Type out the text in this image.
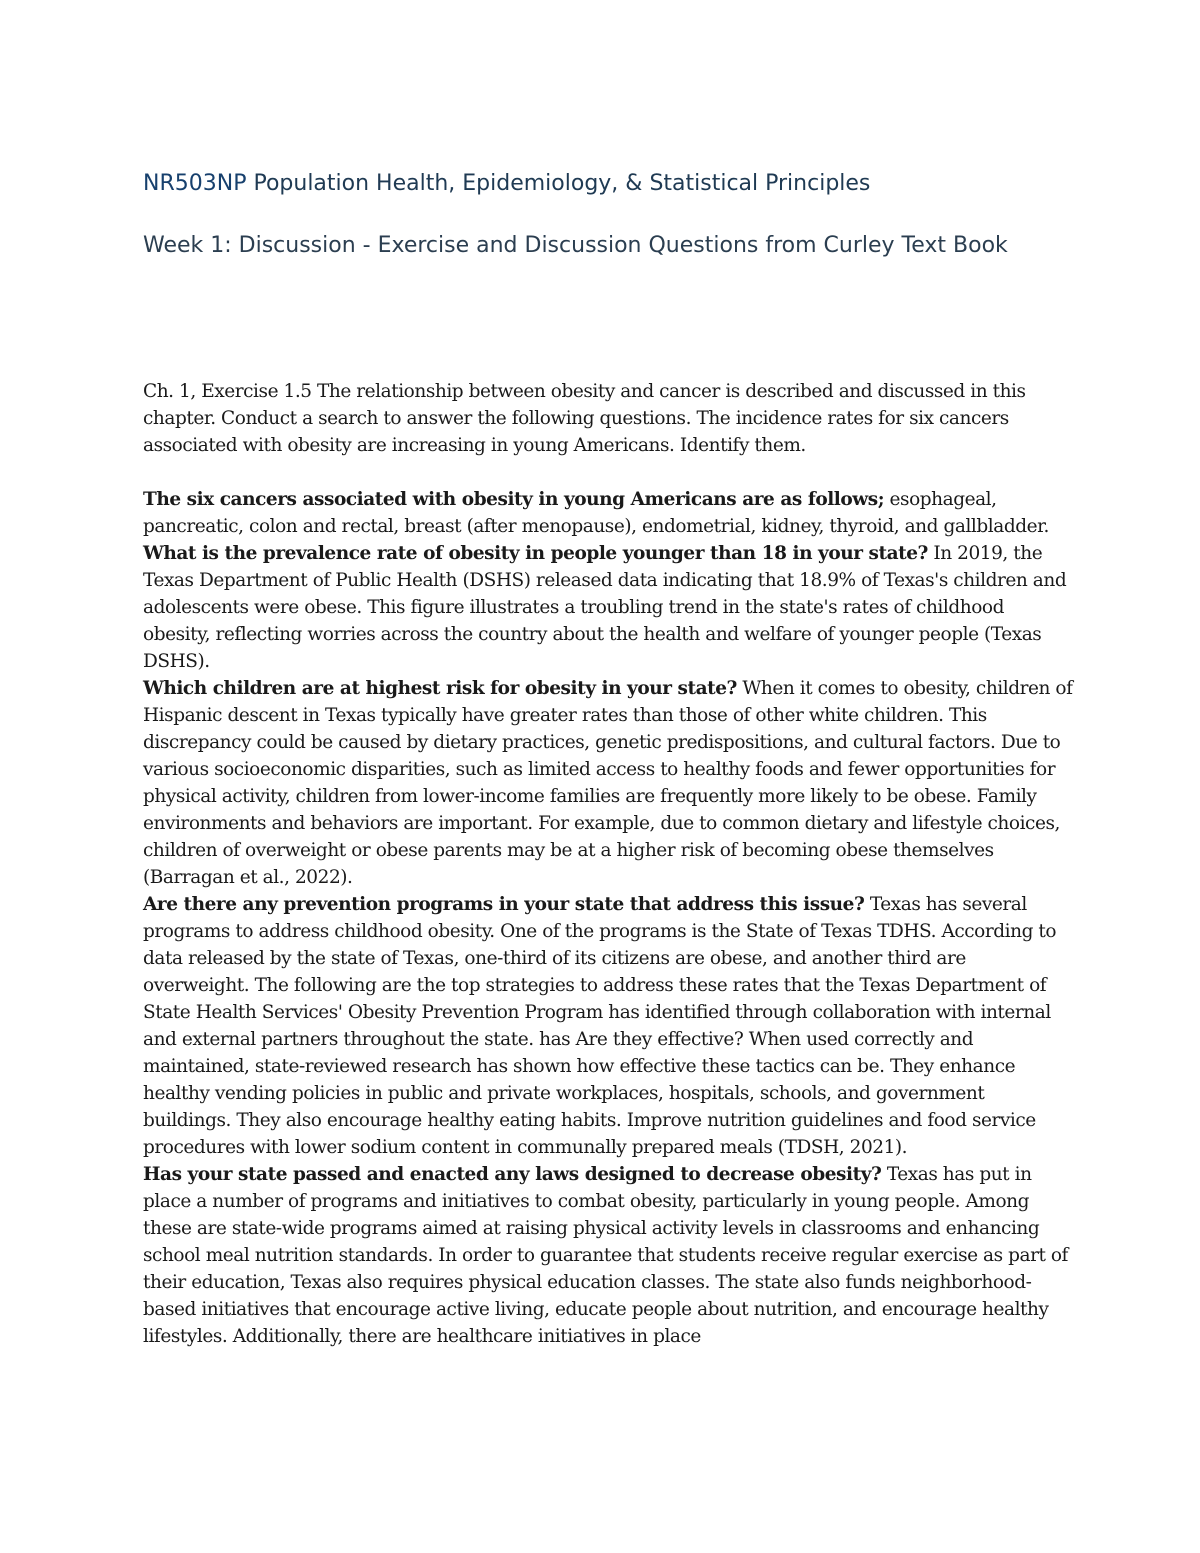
NR503NP Population Health, Epidemiology, & Statistical Principles
Week 1: Discussion - Exercise and Discussion Questions from Curley Text Book

Ch. 1, Exercise 1.5 The relationship between obesity and cancer is described and discussed in this chapter. Conduct a search to answer the following questions. The incidence rates for six cancers associated with obesity are increasing in young Americans. Identify them.

The six cancers associated with obesity in young Americans are as follows; esophageal, pancreatic, colon and rectal, breast (after menopause), endometrial, kidney, thyroid, and gallbladder.

What is the prevalence rate of obesity in people younger than 18 in your state? In 2019, the Texas Department of Public Health (DSHS) released data indicating that 18.9% of Texas's children and adolescents were obese. This figure illustrates a troubling trend in the state's rates of childhood obesity, reflecting worries across the country about the health and welfare of younger people (Texas DSHS).

Which children are at highest risk for obesity in your state? When it comes to obesity, children of Hispanic descent in Texas typically have greater rates than those of other white children. This discrepancy could be caused by dietary practices, genetic predispositions, and cultural factors. Due to various socioeconomic disparities, such as limited access to healthy foods and fewer opportunities for physical activity, children from lower-income families are frequently more likely to be obese. Family environments and behaviors are important. For example, due to common dietary and lifestyle choices, children of overweight or obese parents may be at a higher risk of becoming obese themselves (Barragan et al., 2022).

Are there any prevention programs in your state that address this issue? Texas has several programs to address childhood obesity. One of the programs is the State of Texas TDHS. According to data released by the state of Texas, one-third of its citizens are obese, and another third are overweight. The following are the top strategies to address these rates that the Texas Department of State Health Services' Obesity Prevention Program has identified through collaboration with internal and external partners throughout the state. has Are they effective? When used correctly and maintained, state-reviewed research has shown how effective these tactics can be. They enhance healthy vending policies in public and private workplaces, hospitals, schools, and government buildings. They also encourage healthy eating habits. Improve nutrition guidelines and food service procedures with lower sodium content in communally prepared meals (TDSH, 2021).

Has your state passed and enacted any laws designed to decrease obesity? Texas has put in place a number of programs and initiatives to combat obesity, particularly in young people. Among these are state-wide programs aimed at raising physical activity levels in classrooms and enhancing school meal nutrition standards. In order to guarantee that students receive regular exercise as part of their education, Texas also requires physical education classes. The state also funds neighborhood-based initiatives that encourage active living, educate people about nutrition, and encourage healthy lifestyles. Additionally, there are healthcare initiatives in place
